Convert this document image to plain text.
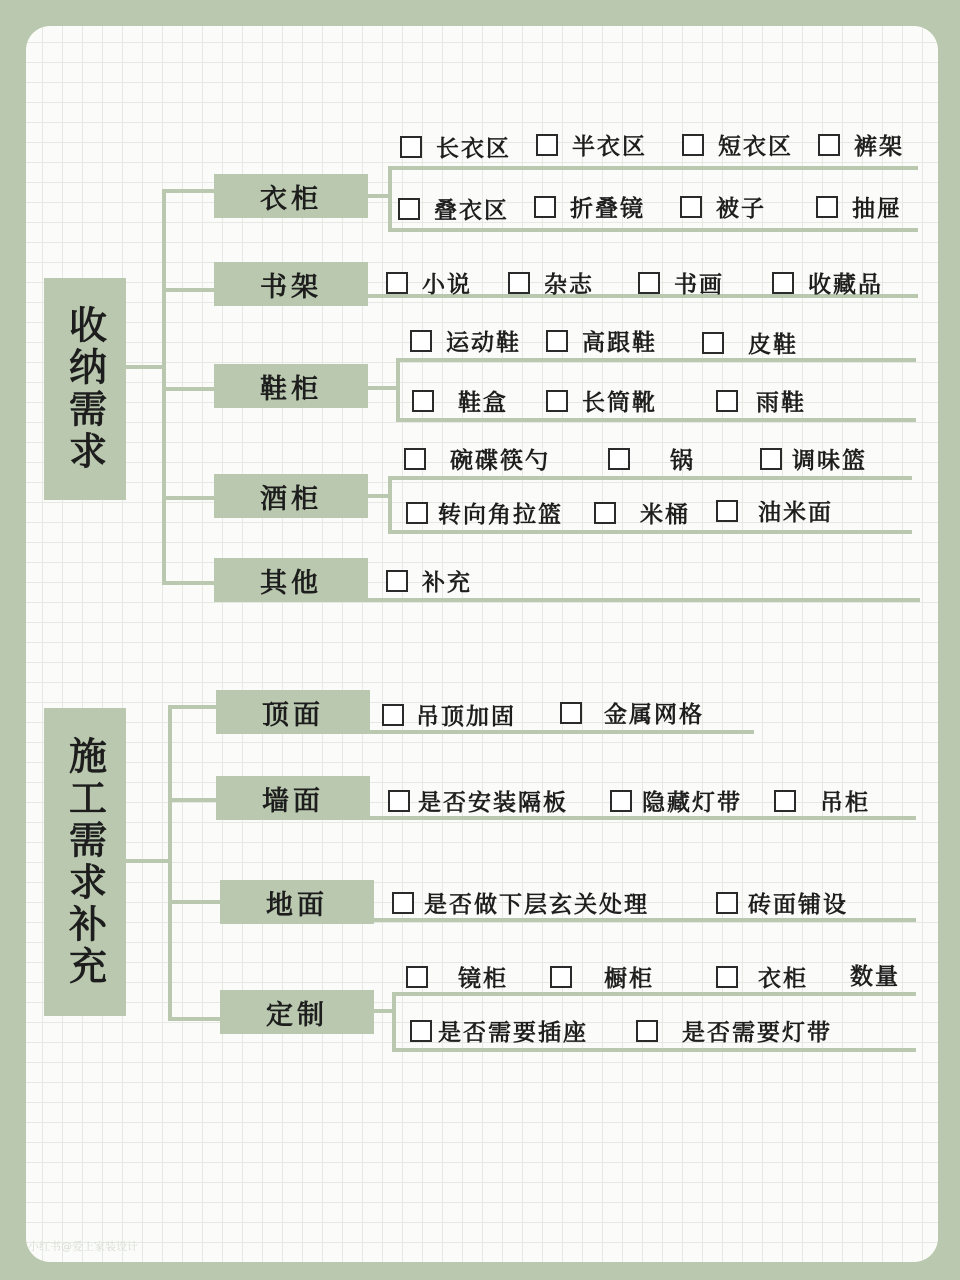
收纳需求
衣柜
长衣区	半衣区	短衣区	裤架
叠衣区	折叠镜	被子	抽屉
书架	小说	杂志	书画	收藏品
鞋柜
运动鞋	高跟鞋	皮鞋
鞋盒	长筒靴	雨鞋
酒柜
碗碟筷勺	锅	调味篮
转向角拉篮	米桶	油米面
其他	补充
施工需求补充
顶面	吊顶加固	金属网格
墙面	是否安装隔板	隐藏灯带	吊柜
地面	是否做下层玄关处理	砖面铺设
定制
镜柜	橱柜	衣柜 数量
是否需要插座	是否需要灯带
小红书@爱上家装设计
